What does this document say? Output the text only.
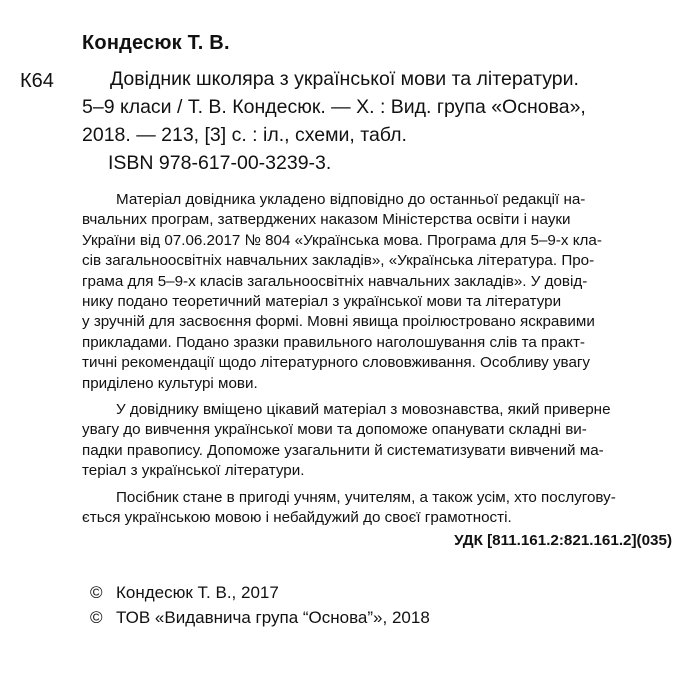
Кондесюк Т. В.
К64	Довідник школяра з української мови та літератури.
5–9 класи / Т. В. Кондесюк. — Х. : Вид. група «Основа»,
2018. — 213, [3] с. : іл., схеми, табл.
ISBN 978-617-00-3239-3.
Матеріал довідника укладено відповідно до останньої редакції на-
вчальних програм, затверджених наказом Міністерства освіти і науки
України від 07.06.2017 № 804 «Українська мова. Програма для 5–9-х кла-
сів загальноосвітніх навчальних закладів», «Українська література. Про-
грама для 5–9-х класів загальноосвітніх навчальних закладів». У довід-
нику подано теоретичний матеріал з української мови та літератури
у зручній для засвоєння формі. Мовні явища проілюстровано яскравими
прикладами. Подано зразки правильного наголошування слів та практ-
тичні рекомендації щодо літературного слововживання. Особливу увагу
приділено культурі мови.
У довіднику вміщено цікавий матеріал з мовознавства, який приверне
увагу до вивчення української мови та допоможе опанувати складні ви-
падки правопису. Допоможе узагальнити й систематизувати вивчений ма-
теріал з української літератури.
Посібник стане в пригоді учням, учителям, а також усім, хто послугову-
ється українською мовою і небайдужий до своєї грамотності.
УДК [811.161.2:821.161.2](035)
© Кондесюк Т. В., 2017
© ТОВ «Видавнича група “Основа”», 2018
